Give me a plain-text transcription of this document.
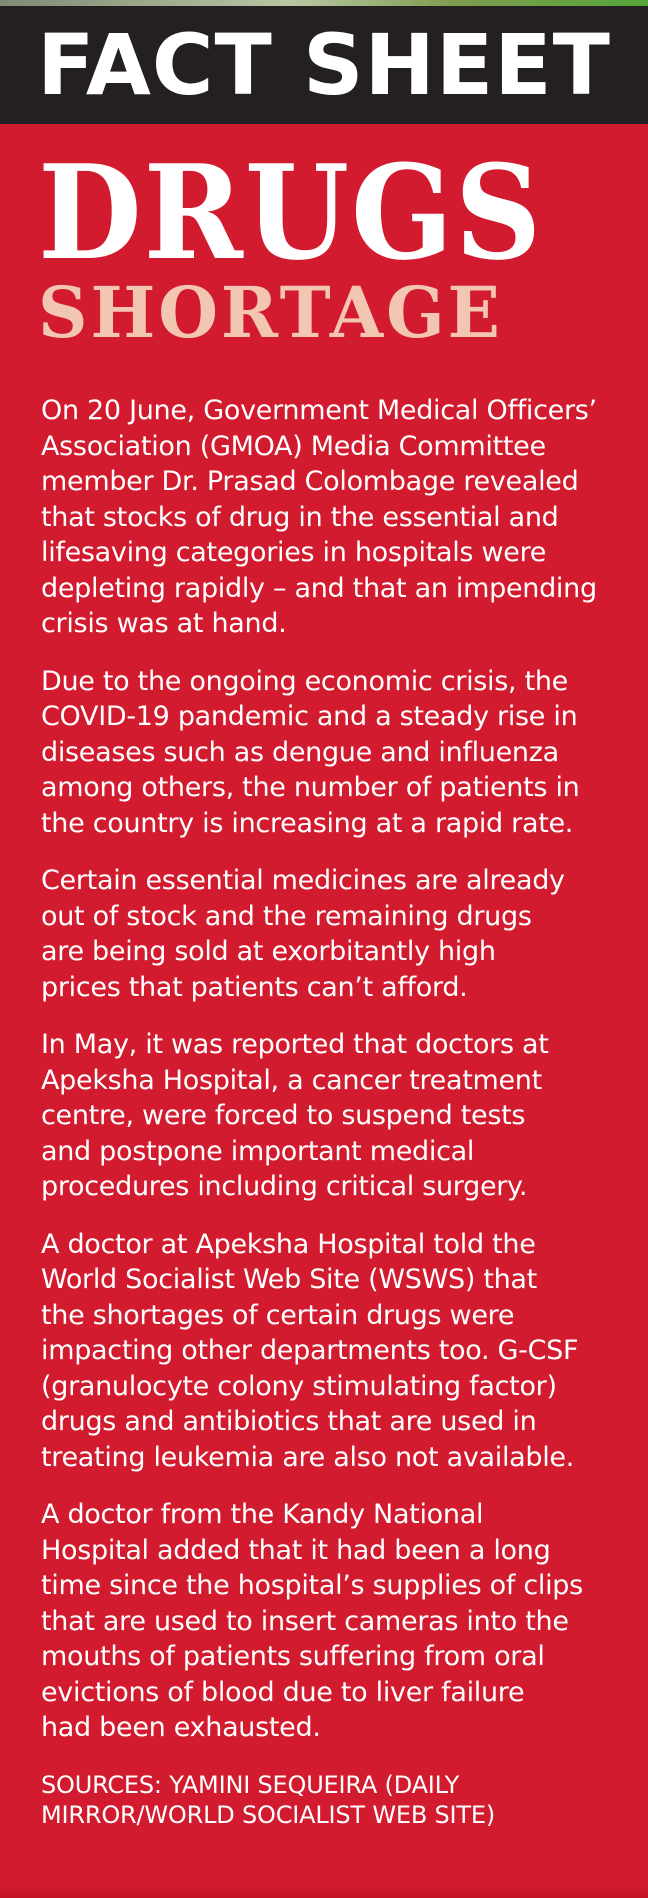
FACT SHEET
DRUGS
SHORTAGE

On 20 June, Government Medical Officers’
Association (GMOA) Media Committee
member Dr. Prasad Colombage revealed
that stocks of drug in the essential and
lifesaving categories in hospitals were
depleting rapidly – and that an impending
crisis was at hand.

Due to the ongoing economic crisis, the
COVID-19 pandemic and a steady rise in
diseases such as dengue and influenza
among others, the number of patients in
the country is increasing at a rapid rate.

Certain essential medicines are already
out of stock and the remaining drugs
are being sold at exorbitantly high
prices that patients can’t afford.

In May, it was reported that doctors at
Apeksha Hospital, a cancer treatment
centre, were forced to suspend tests
and postpone important medical
procedures including critical surgery.

A doctor at Apeksha Hospital told the
World Socialist Web Site (WSWS) that
the shortages of certain drugs were
impacting other departments too. G-CSF
(granulocyte colony stimulating factor)
drugs and antibiotics that are used in
treating leukemia are also not available.

A doctor from the Kandy National
Hospital added that it had been a long
time since the hospital’s supplies of clips
that are used to insert cameras into the
mouths of patients suffering from oral
evictions of blood due to liver failure
had been exhausted.

SOURCES: YAMINI SEQUEIRA (DAILY
MIRROR/WORLD SOCIALIST WEB SITE)
